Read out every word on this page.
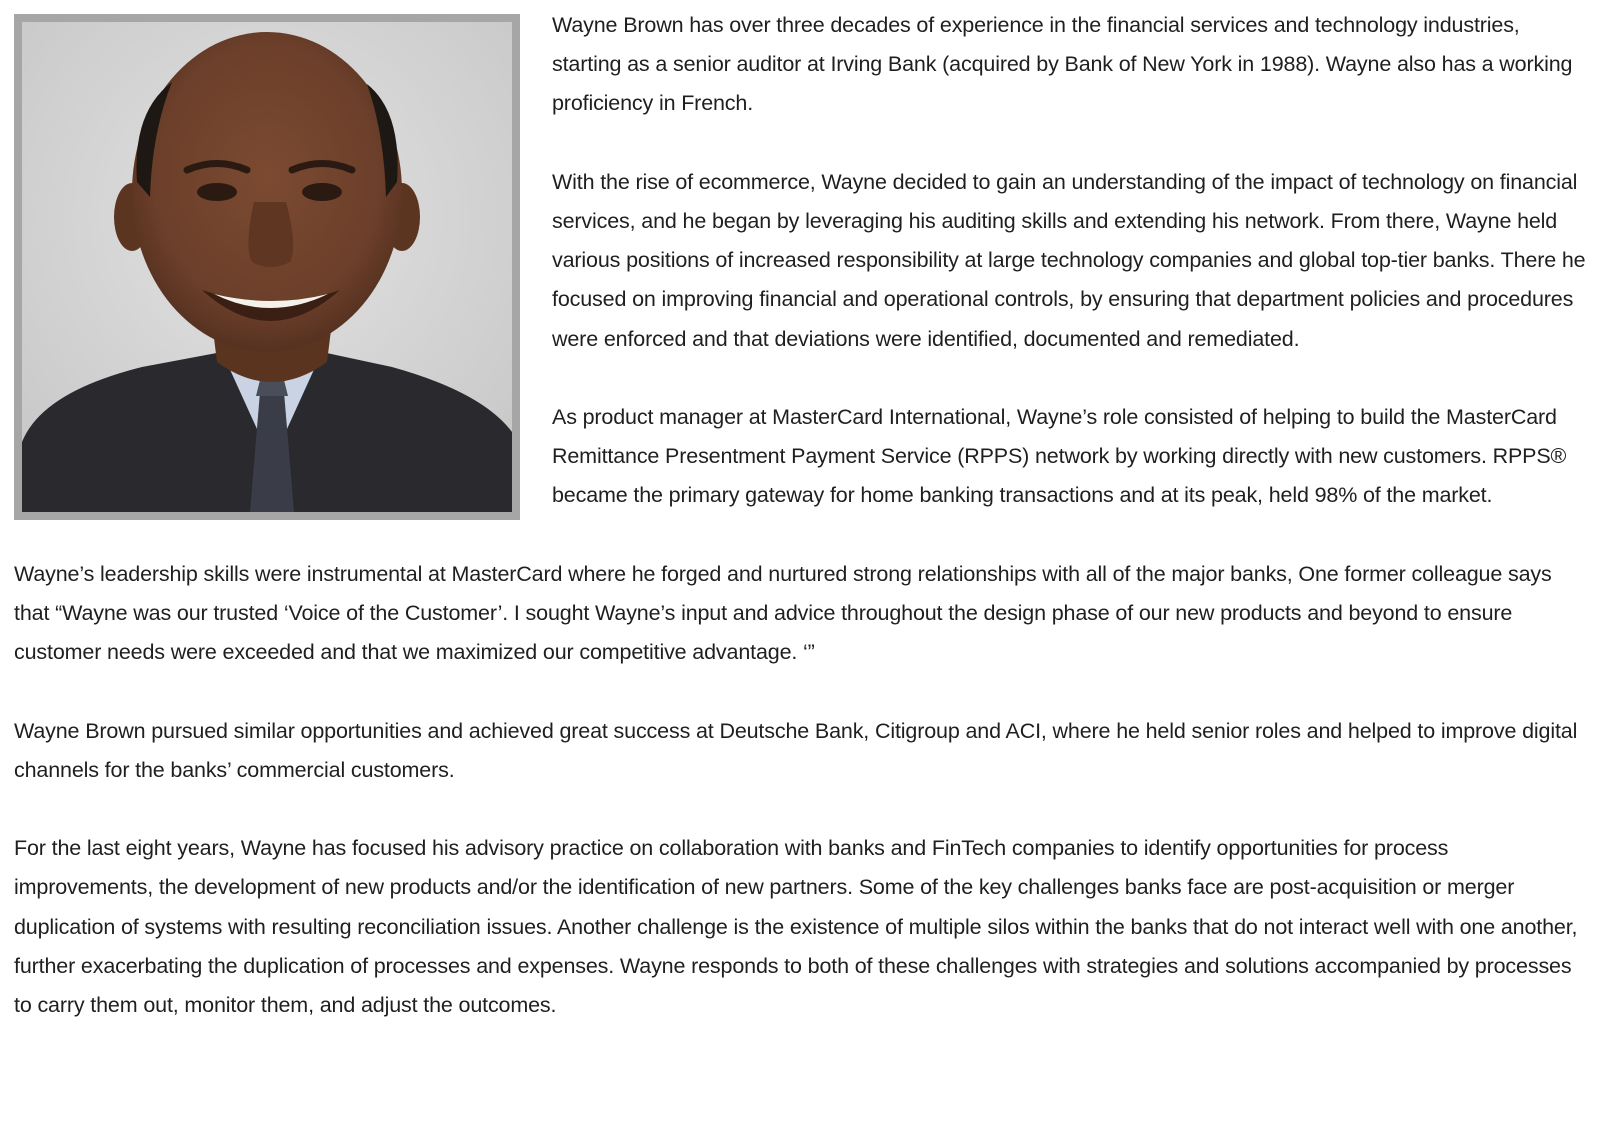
Wayne Brown has over three decades of experience in the financial services and technology industries, starting as a senior auditor at Irving Bank (acquired by Bank of New York in 1988). Wayne also has a working proficiency in French.

With the rise of ecommerce, Wayne decided to gain an understanding of the impact of technology on financial services, and he began by leveraging his auditing skills and extending his network. From there, Wayne held various positions of increased responsibility at large technology companies and global top-tier banks. There he focused on improving financial and operational controls, by ensuring that department policies and procedures were enforced and that deviations were identified, documented and remediated.

As product manager at MasterCard International, Wayne’s role consisted of helping to build the MasterCard Remittance Presentment Payment Service (RPPS) network by working directly with new customers. RPPS® became the primary gateway for home banking transactions and at its peak, held 98% of the market.

Wayne’s leadership skills were instrumental at MasterCard where he forged and nurtured strong relationships with all of the major banks, One former colleague says that “Wayne was our trusted ‘Voice of the Customer’. I sought Wayne’s input and advice throughout the design phase of our new products and beyond to ensure customer needs were exceeded and that we maximized our competitive advantage. ‘”

Wayne Brown pursued similar opportunities and achieved great success at Deutsche Bank, Citigroup and ACI, where he held senior roles and helped to improve digital channels for the banks’ commercial customers.

For the last eight years, Wayne has focused his advisory practice on collaboration with banks and FinTech companies to identify opportunities for process improvements, the development of new products and/or the identification of new partners. Some of the key challenges banks face are post-acquisition or merger duplication of systems with resulting reconciliation issues. Another challenge is the existence of multiple silos within the banks that do not interact well with one another, further exacerbating the duplication of processes and expenses. Wayne responds to both of these challenges with strategies and solutions accompanied by processes to carry them out, monitor them, and adjust the outcomes.
